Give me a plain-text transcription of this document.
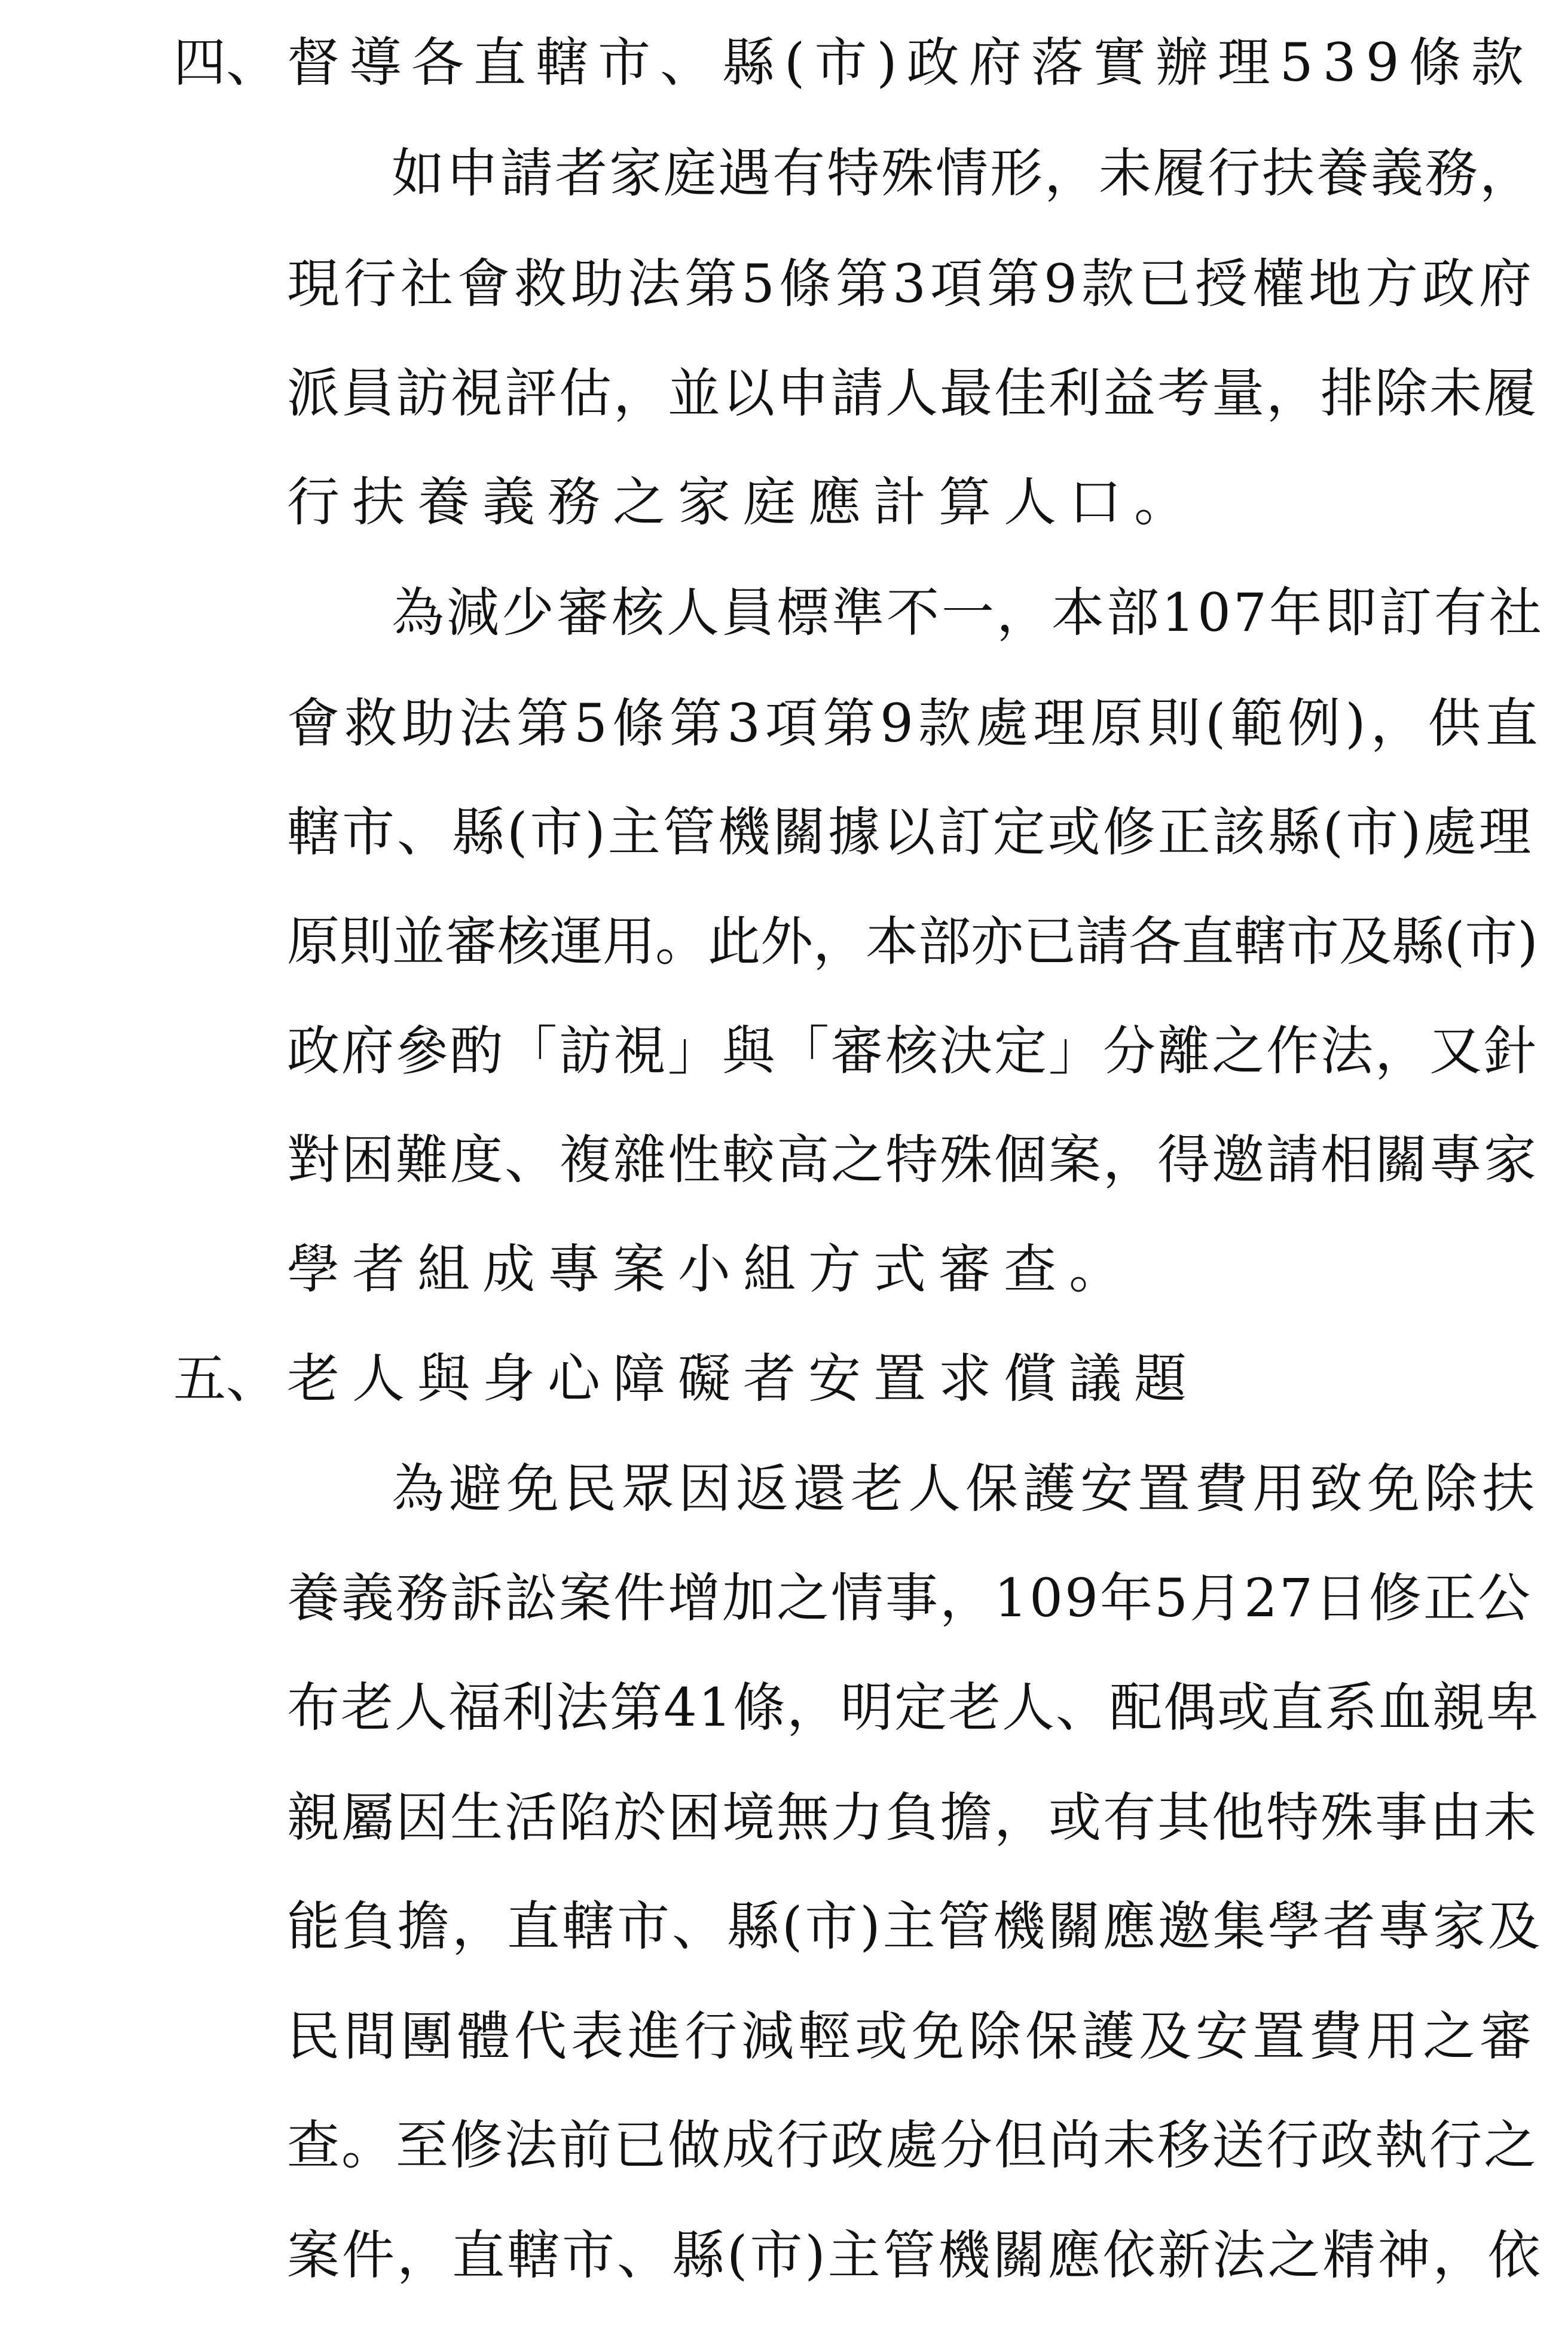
四、 督導各直轄市、縣(市)政府落實辦理539條款
如申請者家庭遇有特殊情形，未履行扶養義務，
現行社會救助法第5條第3項第9款已授權地方政府
派員訪視評估，並以申請人最佳利益考量，排除未履
行扶養義務之家庭應計算人口。
為減少審核人員標準不一，本部107年即訂有社
會救助法第5條第3項第9款處理原則(範例)，供直
轄市、縣(市)主管機關據以訂定或修正該縣(市)處理
原則並審核運用。此外，本部亦已請各直轄市及縣(市)
政府參酌「訪視」與「審核決定」分離之作法，又針
對困難度、複雜性較高之特殊個案，得邀請相關專家
學者組成專案小組方式審查。
五、 老人與身心障礙者安置求償議題
為避免民眾因返還老人保護安置費用致免除扶
養義務訴訟案件增加之情事，109年5月27日修正公
布老人福利法第41條，明定老人、配偶或直系血親卑
親屬因生活陷於困境無力負擔，或有其他特殊事由未
能負擔，直轄市、縣(市)主管機關應邀集學者專家及
民間團體代表進行減輕或免除保護及安置費用之審
查。至修法前已做成行政處分但尚未移送行政執行之
案件，直轄市、縣(市)主管機關應依新法之精神，依
